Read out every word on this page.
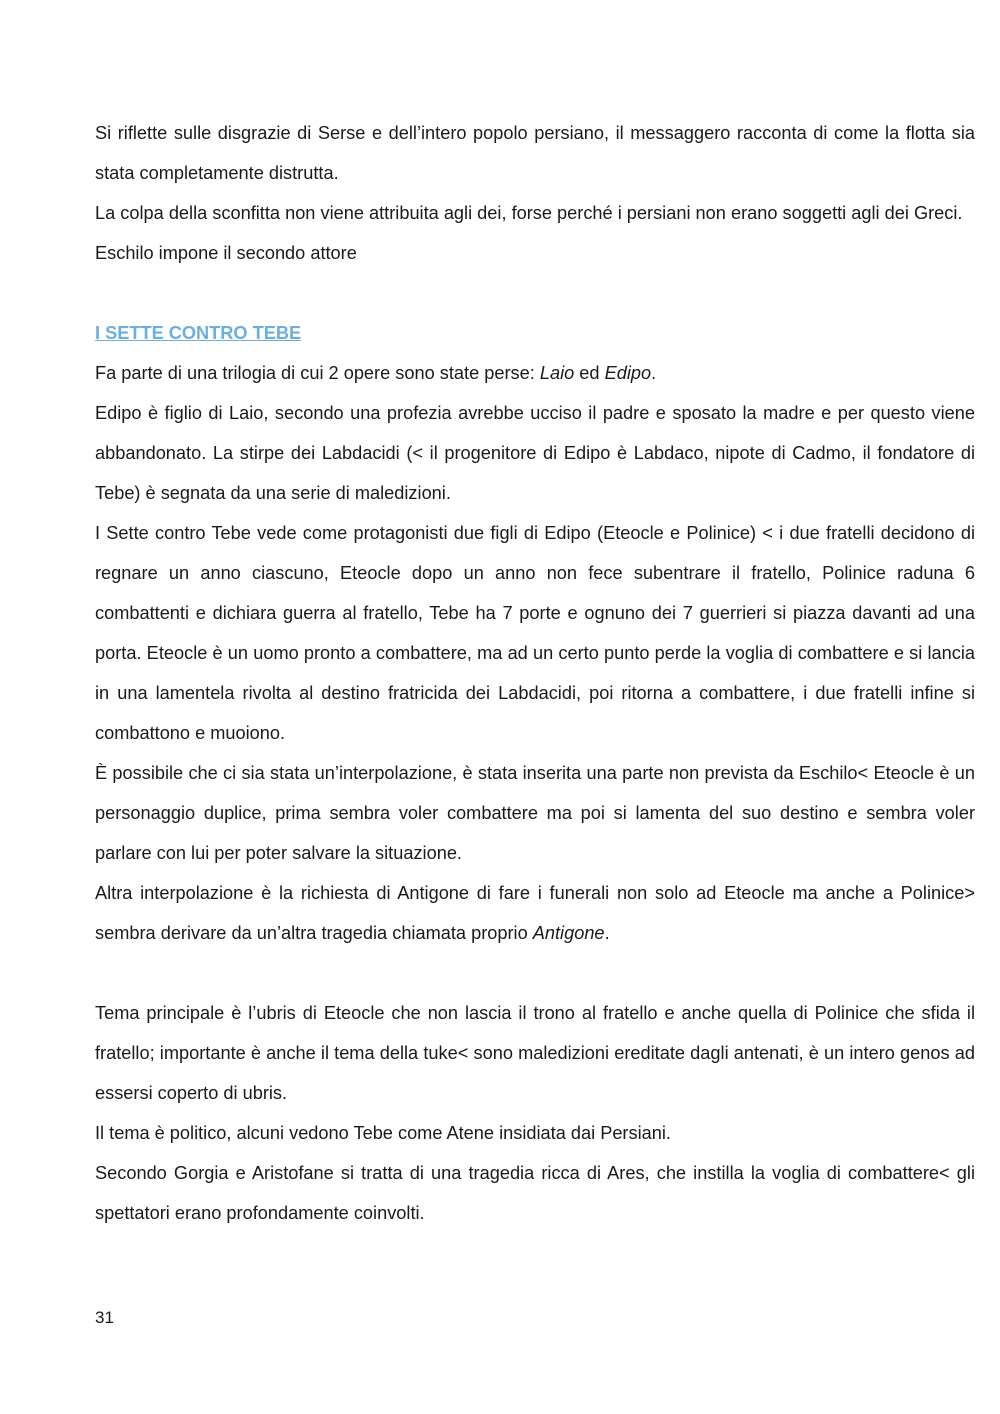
Si riflette sulle disgrazie di Serse e dell’intero popolo persiano, il messaggero racconta di come la flotta sia stata completamente distrutta.

La colpa della sconfitta non viene attribuita agli dei, forse perché i persiani non erano soggetti agli dei Greci.

Eschilo impone il secondo attore

I SETTE CONTRO TEBE

Fa parte di una trilogia di cui 2 opere sono state perse: Laio ed Edipo.

Edipo è figlio di Laio, secondo una profezia avrebbe ucciso il padre e sposato la madre e per questo viene abbandonato. La stirpe dei Labdacidi (< il progenitore di Edipo è Labdaco, nipote di Cadmo, il fondatore di Tebe) è segnata da una serie di maledizioni.

I Sette contro Tebe vede come protagonisti due figli di Edipo (Eteocle e Polinice) < i due fratelli decidono di regnare un anno ciascuno, Eteocle dopo un anno non fece subentrare il fratello, Polinice raduna 6 combattenti e dichiara guerra al fratello, Tebe ha 7 porte e ognuno dei 7 guerrieri si piazza davanti ad una porta. Eteocle è un uomo pronto a combattere, ma ad un certo punto perde la voglia di combattere e si lancia in una lamentela rivolta al destino fratricida dei Labdacidi, poi ritorna a combattere, i due fratelli infine si combattono e muoiono.

È possibile che ci sia stata un’interpolazione, è stata inserita una parte non prevista da Eschilo< Eteocle è un personaggio duplice, prima sembra voler combattere ma poi si lamenta del suo destino e sembra voler parlare con lui per poter salvare la situazione.

Altra interpolazione è la richiesta di Antigone di fare i funerali non solo ad Eteocle ma anche a Polinice> sembra derivare da un’altra tragedia chiamata proprio Antigone.

Tema principale è l’ubris di Eteocle che non lascia il trono al fratello e anche quella di Polinice che sfida il fratello; importante è anche il tema della tuke< sono maledizioni ereditate dagli antenati, è un intero genos ad essersi coperto di ubris.

Il tema è politico, alcuni vedono Tebe come Atene insidiata dai Persiani.

Secondo Gorgia e Aristofane si tratta di una tragedia ricca di Ares, che instilla la voglia di combattere< gli spettatori erano profondamente coinvolti.

31
